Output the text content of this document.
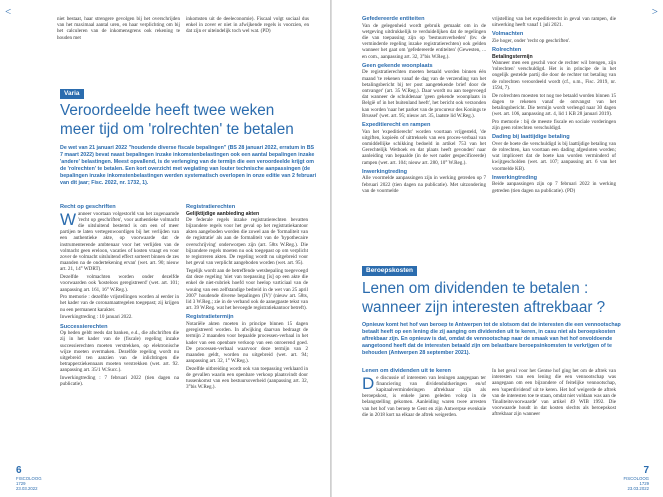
<

niet bestaat, haar strengere gevolgen bij het overschrijden van het maximaal aantal uren, en haar verplichting om bij het calculeren van de inkomensgrens ook rekening te houden met

inkomsten uit de deeleconomie). Fiscaal volgt sociaal dus enkel in zover er niet in afwijkende regels is voorzien, en dat zijn er uiteindelijk toch wel wat. (PD)

Varia
Veroordeelde heeft twee weken
meer tijd om 'rolrechten' te betalen
De wet van 21 januari 2022 "houdende diverse fiscale bepalingen" (BS 28 januari 2022, erratum in BS 7 maart 2022) bevat naast bepalingen inzake inkomstenbelastingen ook een aantal bepalingen inzake 'andere' belastingen. Meest opvallend, is de verlenging van de termijn die een veroordeelde krijgt om de 'rolrechten' te betalen. Een kort overzicht met weglating van louter technische aanpassingen (de bepalingen inzake inkomstenbelastingen werden systematisch overlopen in onze editie van 2 februari van dit jaar; Fisc. 2022, nr. 1732, 1).
Recht op geschriften

Wanneer voortaan volgestorld van het zogenaamde 'recht op geschriften', voor authentieke volmacht die uitsluitend bestemd is om een of meer partijen te laten vertegenwoordigen bij het verlijden van een authentieke akte, op voorwaarde dat de instrumenterende ambtenaar voor het verlijden van de volmacht geen ereloon, vacaties of kosten vraagt en voor zover de volmacht uitsluitend effect sorteert binnen de zes maanden na de ondertekening ervan' (wet. art. 90; nieuw art. 21, 14° WDRT).

Dezelfde volmachten worden onder dezelfde voorwaarden ook 'kosteloos geregistreerd' (wet. art. 101; aanpassing art. 161, 16° W.Reg.).

Pro memorie : dezelfde vrijstellingen worden al eerder in het kader van de coronamaatregelen toegepast; zij krijgen nu een permanent karakter.

Inwerkingtreding : 10 januari 2022.

Successierechten

Op heden geldt reeds dat banken, e.d., die afschriften die zij in het kader van de (fiscale) regeling inzake successierechten moeten verstrekken, op elektronische wijze moeten overmaken. Dezelfde regeling wordt nu uitgebreid ten aanzien van de inlichtingen die betrapperziekennaars moeten verstrekken (wet. art. 92. aanpassing art. 35/1 W.Succ.).

Inwerkingtreding : 7 februari 2022 (tien dagen na publicatie).

Registratierechten
Gelijktijdige aanbieding akten

De federale regels inzake registratierechten bevatten bijzondere regels voor het geval op het registratiekantoor akten aangeboden worden die zowel aan de 'formaliteit van de registratie' als aan de formaliteit van de 'hypothecaire overschrijving' onderworpen zijn (art. 58ts W.Reg.). Die bijzondere regels moeten nu ook toegepast op om verplicht te registreren akten. De regeling wordt nu uitgebreid voor het geval van verplicht aangeboden worden (wet. art. 95).

Tegelijk wordt aan de betreffende wetsbepaling toegevoegd dat deze regeling 'niet van toepassing [is] op een akte die enkel de niet-rubriek hoefd voor heelop varticiaal van de wouing van een zelfstandige bedreid in de wet van 25 april 2007' houdende diverse bepalingen (IV)' (nieuw art. 58ts, lid 3 W.Reg.; zie in de verband ook de aanegpaste tekst van art. 39 W.Reg. wat het bevoegde registratiekantoor betreft).

Registratietermijn

Notariële akten moeten in principe binnen 15 dagen geregistreerd worden. In afwijking daarvan bedraagt de termijn 2 maanden voor bepaalde processen-verbaal in het kader van een openbare verkoop van een onroerend goed. De processen-verbaal waarvoor deze termijn van 2 maanden geldt, worden nu uitgebreid (wet. art. 94; aanpassing art. 32, 1° W.Reg.).

Dezelfde uitbreiding wordt ook van toepassing verklaard in de gevallen waarin een openbare verkoop plaatsvindt door tussenkomst van een bestuursoverheid (aanpassing art. 32, 3°bis W.Reg.).

6
FISCOLOOG
1729
23.03.2022
>
Gefedereerde entiteiten

Van de gelegenheid wordt gebruik gemaakt om in de wetgeving uitdrukkelijk te verduidelijken dat de regelingen die van toepassing zijn op 'bestuursverheden' (bv. de verminderde regeling inzake registratierechten) ook gelden wanneer het gaat om 'gefedereerde entiteiten' (Gewesten, ... en com., aanpassing art. 32, 3°bis W.Reg.).

Geen gekende woonplaats

De registratierechten moeten betaald worden binnen één maand 'te rekenen vanaf de dag van de verzending van het betalingsbericht bij ter post aangetekende brief door de ontvanger' (art. 35 W.Reg.). Daar wordt nu aan toegevoegd dat wanneer de schuldenaar 'geen gekende woonplaats in België of in het buitenland heeft', het bericht ook verzonden kan worden 'naar het parket van de procureur des Konings te Brussel' (wet. art. 95; nieuw art. 35, laatste lid W.Reg.).

Expeditierecht en rampen

Van het 'expeditierecht' worden voortaan vrijgesteld, 'de uitgiften, kopieën of uittreksels van een proces-verbaal van onmiddellijke schikking bedoeld in artikel 753 van het Gerechtelijk Wetboek en dat plaats heeft gevonden' naar aanleiding van bepaalde (in de wet nader gespecificeerde) rampen (wet. art. 104; nieuw art. 280, 10° W.Reg.).

Inwerkingtreding

Alle voormelde aanpassingen zijn in werking getreden op 7 februari 2022 (tien dagen na publicatie). Met uitzondering van de voormelde

vrijstelling van het expeditierecht in geval van rampen, die uitwerking heeft vanaf 1 juli 2021.

Volmachten

Zie hoger, onder 'recht op geschriften'.

Rolrechten
Betalingstermijn

Wanneer men een geschil voor de rechter wil brengen, zijn 'rolrechten' verschuldigd. Het is in principe de in het ongelijk gestelde partij die door de rechter tot betaling van de rolrechten veroordeeld wordt (cf., o.m., Fisc. 2019, nr. 1594, 7).

De rolrechten moesten tot nog toe betaald worden binnen 15 dagen te rekenen vanaf de ontvangst van het betalingsbericht. Die termijn wordt verlengd naar 30 dagen (wet. art. 106, aanpassing art. 4, lid 1 KB 28 januari 2019).

Pro memorie : bij de meeste fiscale en sociale vorderingen zijn geen rolrechten verschuldigd.

Dading bij laattijdige betaling

Over de boete die verschuldigd is bij laattijdige betaling van de rolrechten, kan voortaan een dading afgesloten worden; wat impliceert dat de boete kan worden verminderd of kwijtgescholden (wet. art. 107; aanpassing art. 6 van het voormelde KB).

Inwerkingtreding

Beide aanpassingen zijn op 7 februari 2022 in werking getreden (tien dagen na publicatie). (PD)

Beroepskosten
Lenen om dividenden te betalen :
wanneer zijn interesten aftrekbaar ?
Opnieuw komt het hof van beroep te Antwerpen tot de slotsom dat de interesten die een vennootschap betaalt heeft op een lening die zij aanging om dividenden uit te keren, in casu niet als beroepskosten aftrekbaar zijn. En opnieuw is dat, omdat de vennootschap naar de smaak van het hof onvoldoende aangetoond heeft dat de interesten betaald zijn om belastbare beroepsinkomsten te verkrijgen of te behouden (Antwerpen 28 september 2021).
Lenen om dividenden uit te keren

De discussie of interesten van leningen aangegaan ter financiering van dividenduitkeringen en/of kapitaalverminderingen aftrekbaar zijn als beroepskost, is enkele jaren geleden volop in de belangstelling gekomen. Aanleiding waren twee arresten van het hof van beroep te Gent en zijn Antwerpse evenknie die in 2018 kort na elkaar de aftrek weigerden.

In het geval voor het Gentse hof ging het om de aftrek van interesten van een lening die een vennootschap was aangegaan om een bijzondere of feitelijke vennootschap, een 'superdividend' uit te keren. Het hof weigerde de aftrek van de interesten toe te staan, omdat niet voldaan was aan de 'finaliteitsvoorwaarde' van artikel 49 WIB 1992. Die voorwaarde houdt in dat kosten slechts als beroepskost aftrekbaar zijn wanneer

7
FISCOLOOG
1729
23.03.2022
